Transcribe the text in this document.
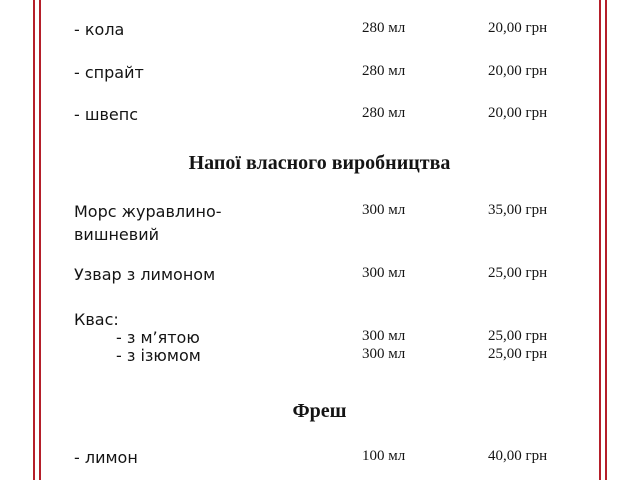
- кола	280 мл	20,00 грн
- спрайт	280 мл	20,00 грн
- швепс	280 мл	20,00 грн
Напої власного виробництва
Морс журавлино-	300 мл	35,00 грн
вишневий
Узвар з лимоном	300 мл	25,00 грн
Квас:
- з м’ятою	300 мл	25,00 грн
- з ізюмом	300 мл	25,00 грн
Фреш
- лимон	100 мл	40,00 грн
